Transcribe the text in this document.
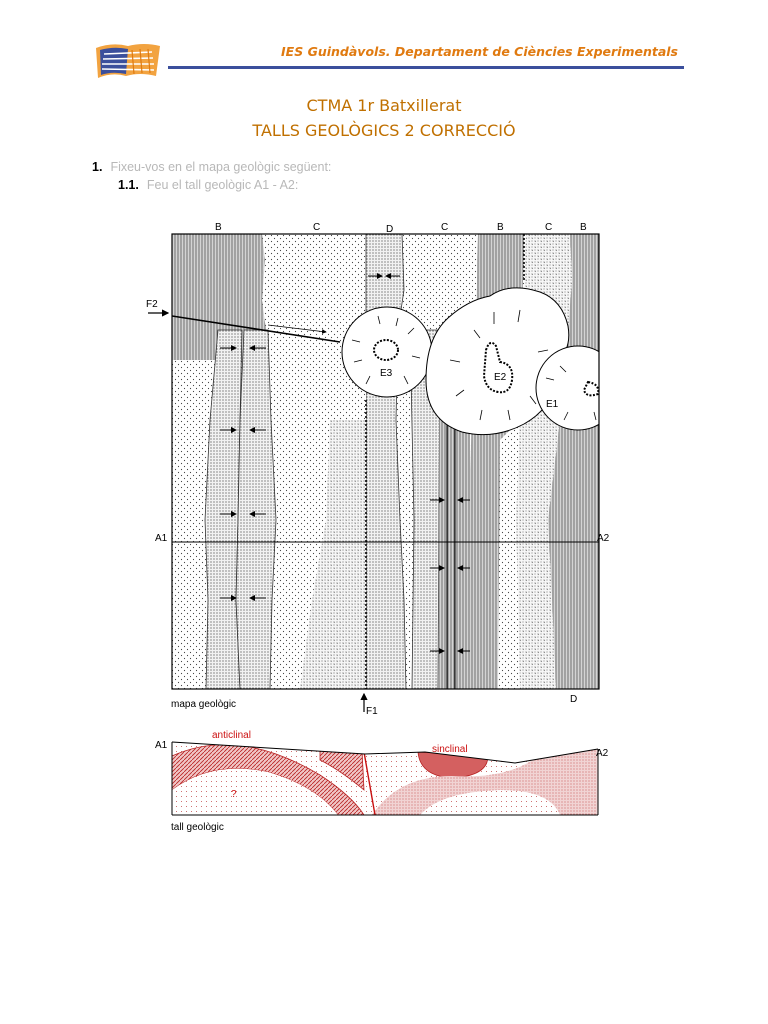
IES Guindàvols. Departament de Ciències Experimentals
CTMA 1r Batxillerat
TALLS GEOLÒGICS 2 CORRECCIÓ
1. Fixeu-vos en el mapa geològic següent:
1.1. Feu el tall geològic A1 - A2:
B	C	D	C	B	C	B
F2
A1	A2
D
F1
mapa geològic
E3	E2
E1
A1
A2
anticlinal
sinclinal
?
tall geològic
